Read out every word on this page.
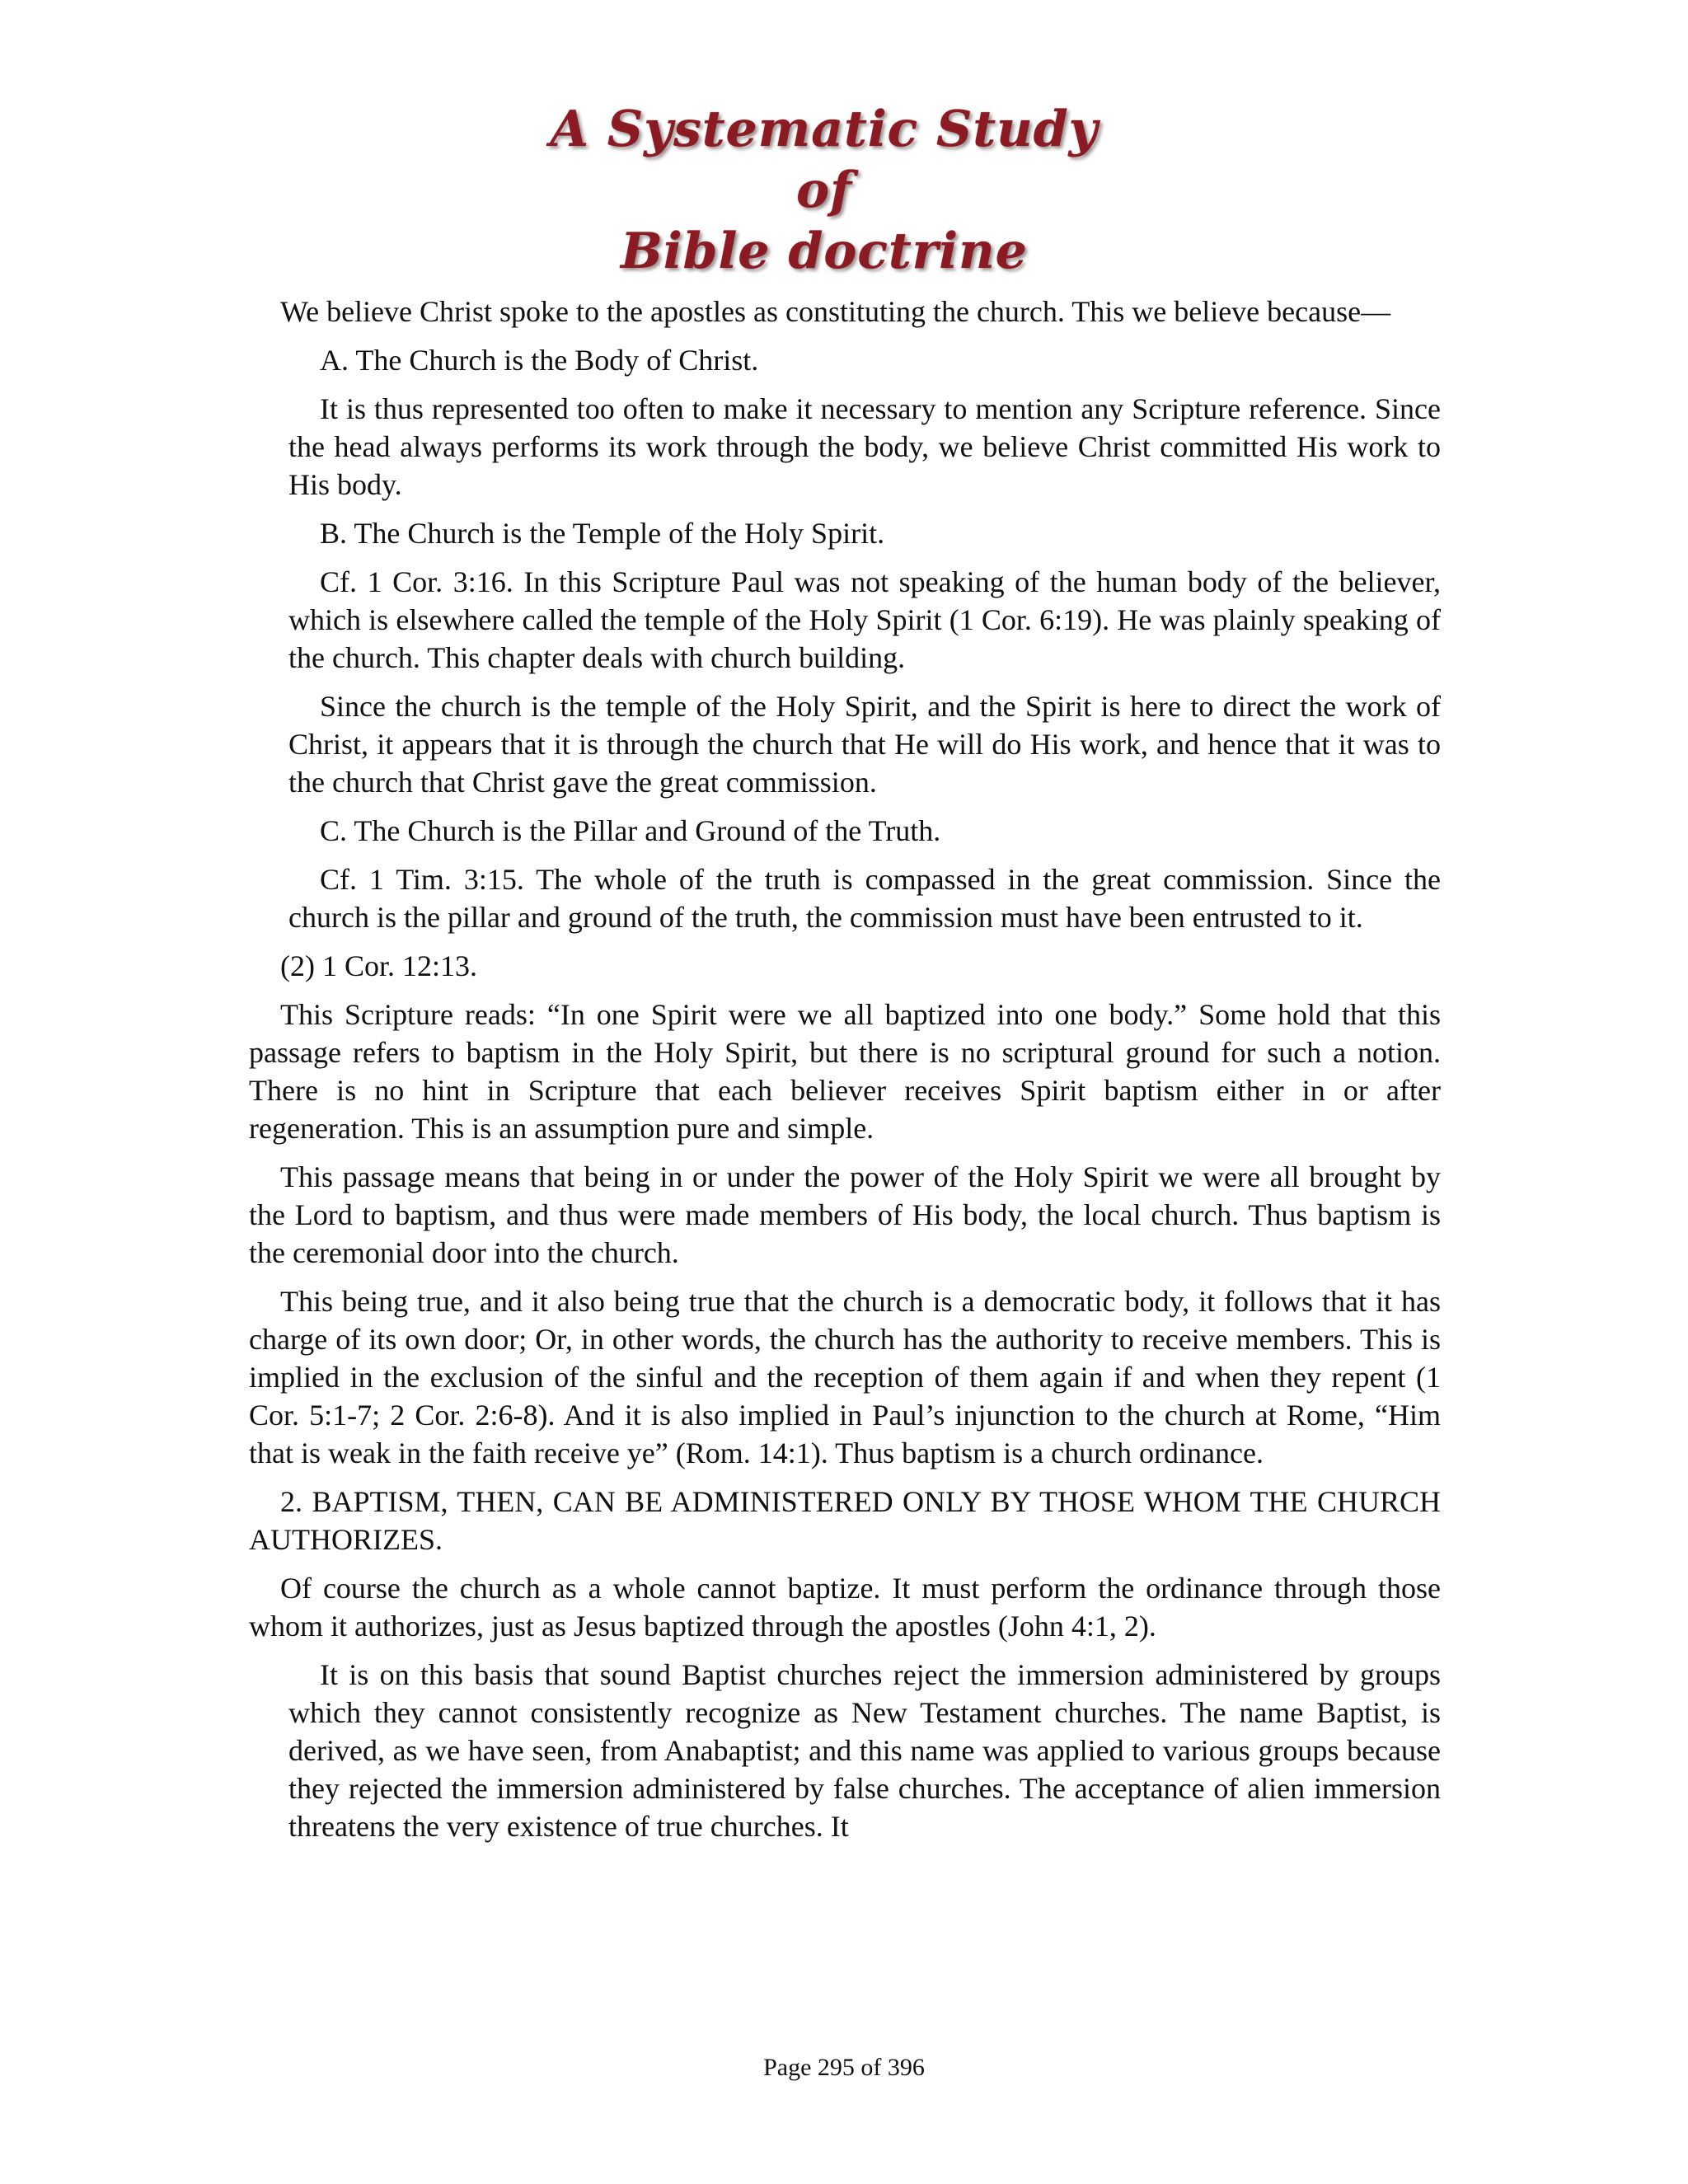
A Systematic Study of
Bible doctrine

We believe Christ spoke to the apostles as constituting the church. This we believe because—

A. The Church is the Body of Christ.

It is thus represented too often to make it necessary to mention any Scripture reference. Since the head always performs its work through the body, we believe Christ committed His work to His body.

B. The Church is the Temple of the Holy Spirit.

Cf. 1 Cor. 3:16. In this Scripture Paul was not speaking of the human body of the believer, which is elsewhere called the temple of the Holy Spirit (1 Cor. 6:19). He was plainly speaking of the church. This chapter deals with church building.

Since the church is the temple of the Holy Spirit, and the Spirit is here to direct the work of Christ, it appears that it is through the church that He will do His work, and hence that it was to the church that Christ gave the great commission.

C. The Church is the Pillar and Ground of the Truth.

Cf. 1 Tim. 3:15. The whole of the truth is compassed in the great commission. Since the church is the pillar and ground of the truth, the commission must have been entrusted to it.

(2) 1 Cor. 12:13.

This Scripture reads: “In one Spirit were we all baptized into one body.” Some hold that this passage refers to baptism in the Holy Spirit, but there is no scriptural ground for such a notion. There is no hint in Scripture that each believer receives Spirit baptism either in or after regeneration. This is an assumption pure and simple.

This passage means that being in or under the power of the Holy Spirit we were all brought by the Lord to baptism, and thus were made members of His body, the local church. Thus baptism is the ceremonial door into the church.

This being true, and it also being true that the church is a democratic body, it follows that it has charge of its own door; Or, in other words, the church has the authority to receive members. This is implied in the exclusion of the sinful and the reception of them again if and when they repent (1 Cor. 5:1-7; 2 Cor. 2:6-8). And it is also implied in Paul’s injunction to the church at Rome, “Him that is weak in the faith receive ye” (Rom. 14:1). Thus baptism is a church ordinance.

2. BAPTISM, THEN, CAN BE ADMINISTERED ONLY BY THOSE WHOM THE CHURCH AUTHORIZES.

Of course the church as a whole cannot baptize. It must perform the ordinance through those whom it authorizes, just as Jesus baptized through the apostles (John 4:1, 2).

It is on this basis that sound Baptist churches reject the immersion administered by groups which they cannot consistently recognize as New Testament churches. The name Baptist, is derived, as we have seen, from Anabaptist; and this name was applied to various groups because they rejected the immersion administered by false churches. The acceptance of alien immersion threatens the very existence of true churches. It

Page 295 of 396
